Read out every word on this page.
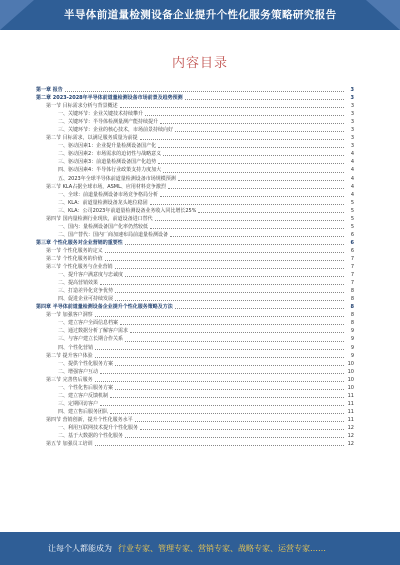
半导体前道量检测设备企业提升个性化服务策略研究报告
内容目录
第一章 报告	3
第二章 2023-2028年半导体前道量检测设备市场前景及趋势预测	3
第一节 目标需求分析与背景概述	3
一、关键环节：企业关键技术持续攀升	3
二、关键环节：半导体检测量测产能持续提升	3
三、关键环节：企业的核心技术，市场前景持续向好	3
第二节 目标需求，以满足服务质量为前提	3
一、驱动因素1：企业提升量检测设备国产化	3
二、驱动因素2：市场需求的迫切性与战略意义	4
三、驱动因素3：前道量检测设备国产化趋势	4
四、驱动因素4：半导体行业政策支持力度加大	4
五、2023年全球半导体前道量检测设备市场规模预测	4
第三节 KLA占据全球市场，ASML、应用材料竞争激烈	4
一、全球：前道量检测设备市场竞争格局分析	4
二、KLA：前道量检测设备龙头地位稳固	5
三、KLA：公司2023年前道量检测设备业务收入同比增长25%	5
第四节 国内量检测行业现状，前道设备进口替代	5
一、国内：量检测设备国产化率仍然较低	5
二、国产替代：国内厂商加速布局前道量检测设备	6
第三章 个性化服务对企业营销的重要性	6
第一节 个性化服务的定义	6
第二节 个性化服务的价值	7
第三节 个性化服务与企业营销	7
一、提升客户满意度与忠诚度	7
二、提高营销效果	7
三、打造差异化竞争优势	8
四、促进企业可持续发展	8
第四章 半导体前道量检测设备企业提升个性化服务策略及方法	8
第一节 加强客户洞察	8
一、建立客户全面信息档案	8
二、通过数据分析了解客户需求	9
三、与客户建立长期合作关系	9
四、个性化营销	9
第二节 提升客户体验	9
一、提供个性化服务方案	10
二、增强客户互动	10
第三节 完善售后服务	10
一、个性化售后服务方案	10
二、建立客户反馈机制	11
三、定期回访客户	11
四、建立售后服务团队	11
第四节 营销创新，提升个性化服务水平	11
一、利用互联网技术提升个性化服务	12
二、基于大数据的个性化服务	12
第五节 加强员工培训	12
让每个人都能成为 行业专家、管理专家、营销专家、战略专家、运营专家……
